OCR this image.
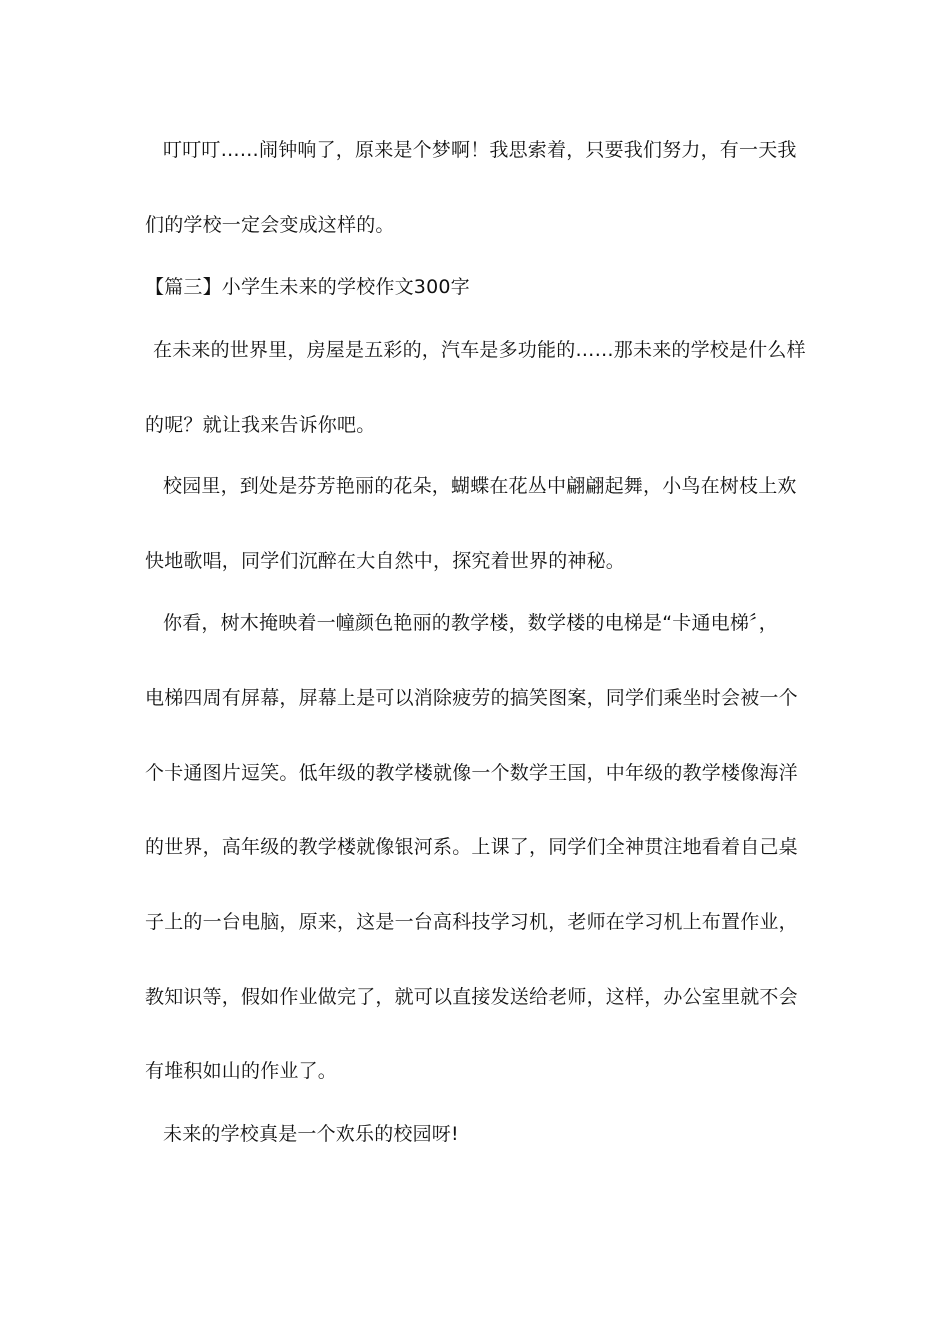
叮叮叮……闹钟响了，原来是个梦啊！我思索着，只要我们努力，有一天我
们的学校一定会变成这样的。
【篇三】小学生未来的学校作文300字
在未来的世界里，房屋是五彩的，汽车是多功能的……那未来的学校是什么样
的呢？就让我来告诉你吧。
校园里，到处是芬芳艳丽的花朵，蝴蝶在花丛中翩翩起舞，小鸟在树枝上欢
快地歌唱，同学们沉醉在大自然中，探究着世界的神秘。
你看，树木掩映着一幢颜色艳丽的教学楼，数学楼的电梯是“卡通电梯〞，
电梯四周有屏幕，屏幕上是可以消除疲劳的搞笑图案，同学们乘坐时会被一个
个卡通图片逗笑。低年级的教学楼就像一个数学王国，中年级的教学楼像海洋
的世界，高年级的教学楼就像银河系。上课了，同学们全神贯注地看着自己桌
子上的一台电脑，原来，这是一台高科技学习机，老师在学习机上布置作业，
教知识等，假如作业做完了，就可以直接发送给老师，这样，办公室里就不会
有堆积如山的作业了。
未来的学校真是一个欢乐的校园呀!
